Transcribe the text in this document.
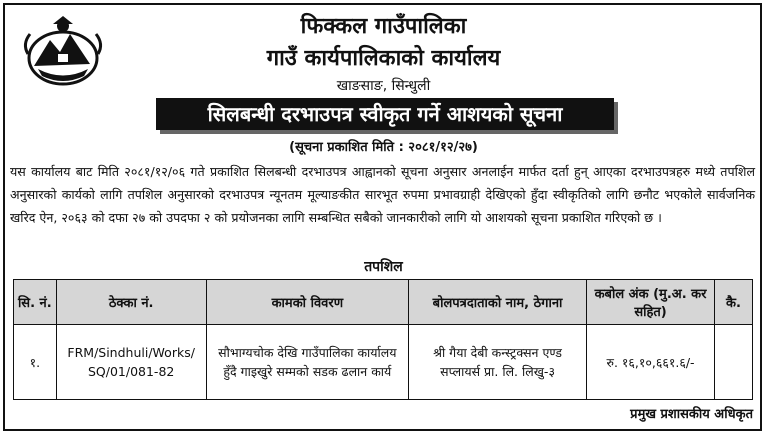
फिक्कल गाउँपालिका
गाउँ कार्यपालिकाको कार्यालय
खाङसाङ, सिन्धुली
सिलबन्धी दरभाउपत्र स्वीकृत गर्ने आशयको सूचना
(सूचना प्रकाशित मिति : २०८१/१२/२७)
यस कार्यालय बाट मिति २०८१/१२/०६ गते प्रकाशित सिलबन्धी दरभाउपत्र आह्वानको सूचना अनुसार अनलाईन मार्फत दर्ता हुन् आएका दरभाउपत्रहरु मध्ये तपशिल अनुसारको कार्यको लागि तपशिल अनुसारको दरभाउपत्र न्यूनतम मूल्याङकीत सारभूत रुपमा प्रभावग्राही देखिएको हुँदा स्वीकृतिको लागि छनौट भएकोले सार्वजनिक खरिद ऐन, २०६३ को दफा २७ को उपदफा २ को प्रयोजनका लागि सम्बन्धित सबैको जानकारीको लागि यो आशयको सूचना प्रकाशित गरिएको छ ।
तपशिल
सि. नं.	ठेक्का नं.	कामको विवरण	बोलपत्रदाताको नाम, ठेगाना	कबोल अंक (मु.अ. कर सहित)	कै.
१.	FRM/Sindhuli/Works/ SQ/01/081-82	सौभाग्यचोक देखि गाउँपालिका कार्यालय हुँदै गाइखुरे सम्मको सडक ढलान कार्य	श्री गैया देबी कन्स्ट्रक्सन एण्ड सप्लायर्स प्रा. लि. लिखु-३	रु. १६,१०,६६१.६/-	
प्रमुख प्रशासकीय अधिकृत
